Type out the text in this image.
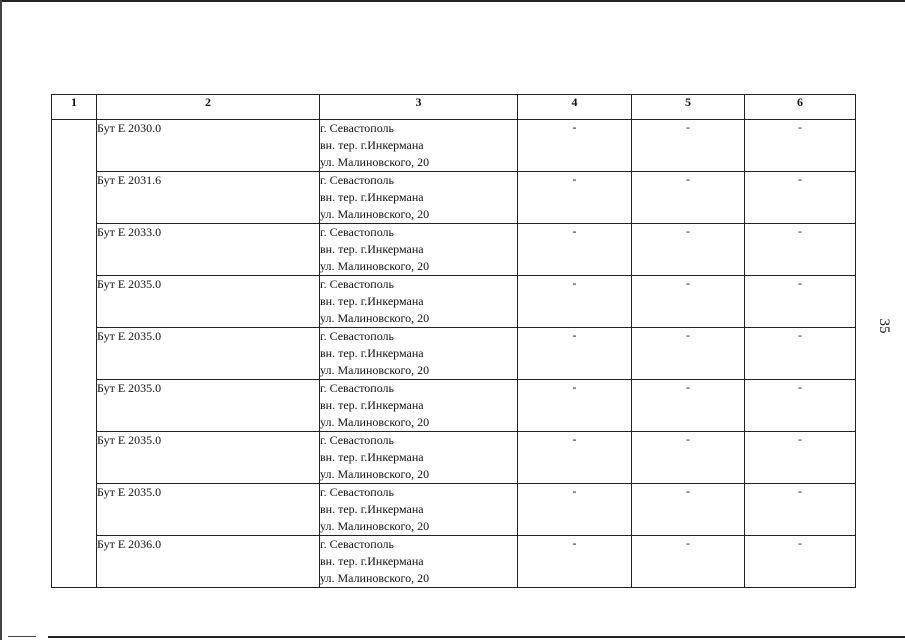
35
1	2	3	4	5	6
	Бут Е 2030.0	г. Севастополь
вн. тер. г.Инкермана
ул. Малиновского, 20	-	-	-
	Бут Е 2031.6	г. Севастополь
вн. тер. г.Инкермана
ул. Малиновского, 20	-	-	-
	Бут Е 2033.0	г. Севастополь
вн. тер. г.Инкермана
ул. Малиновского, 20	-	-	-
	Бут Е 2035.0	г. Севастополь
вн. тер. г.Инкермана
ул. Малиновского, 20	-	-	-
	Бут Е 2035.0	г. Севастополь
вн. тер. г.Инкермана
ул. Малиновского, 20	-	-	-
	Бут Е 2035.0	г. Севастополь
вн. тер. г.Инкермана
ул. Малиновского, 20	-	-	-
	Бут Е 2035.0	г. Севастополь
вн. тер. г.Инкермана
ул. Малиновского, 20	-	-	-
	Бут Е 2035.0	г. Севастополь
вн. тер. г.Инкермана
ул. Малиновского, 20	-	-	-
	Бут Е 2036.0	г. Севастополь
вн. тер. г.Инкермана
ул. Малиновского, 20	-	-	-
